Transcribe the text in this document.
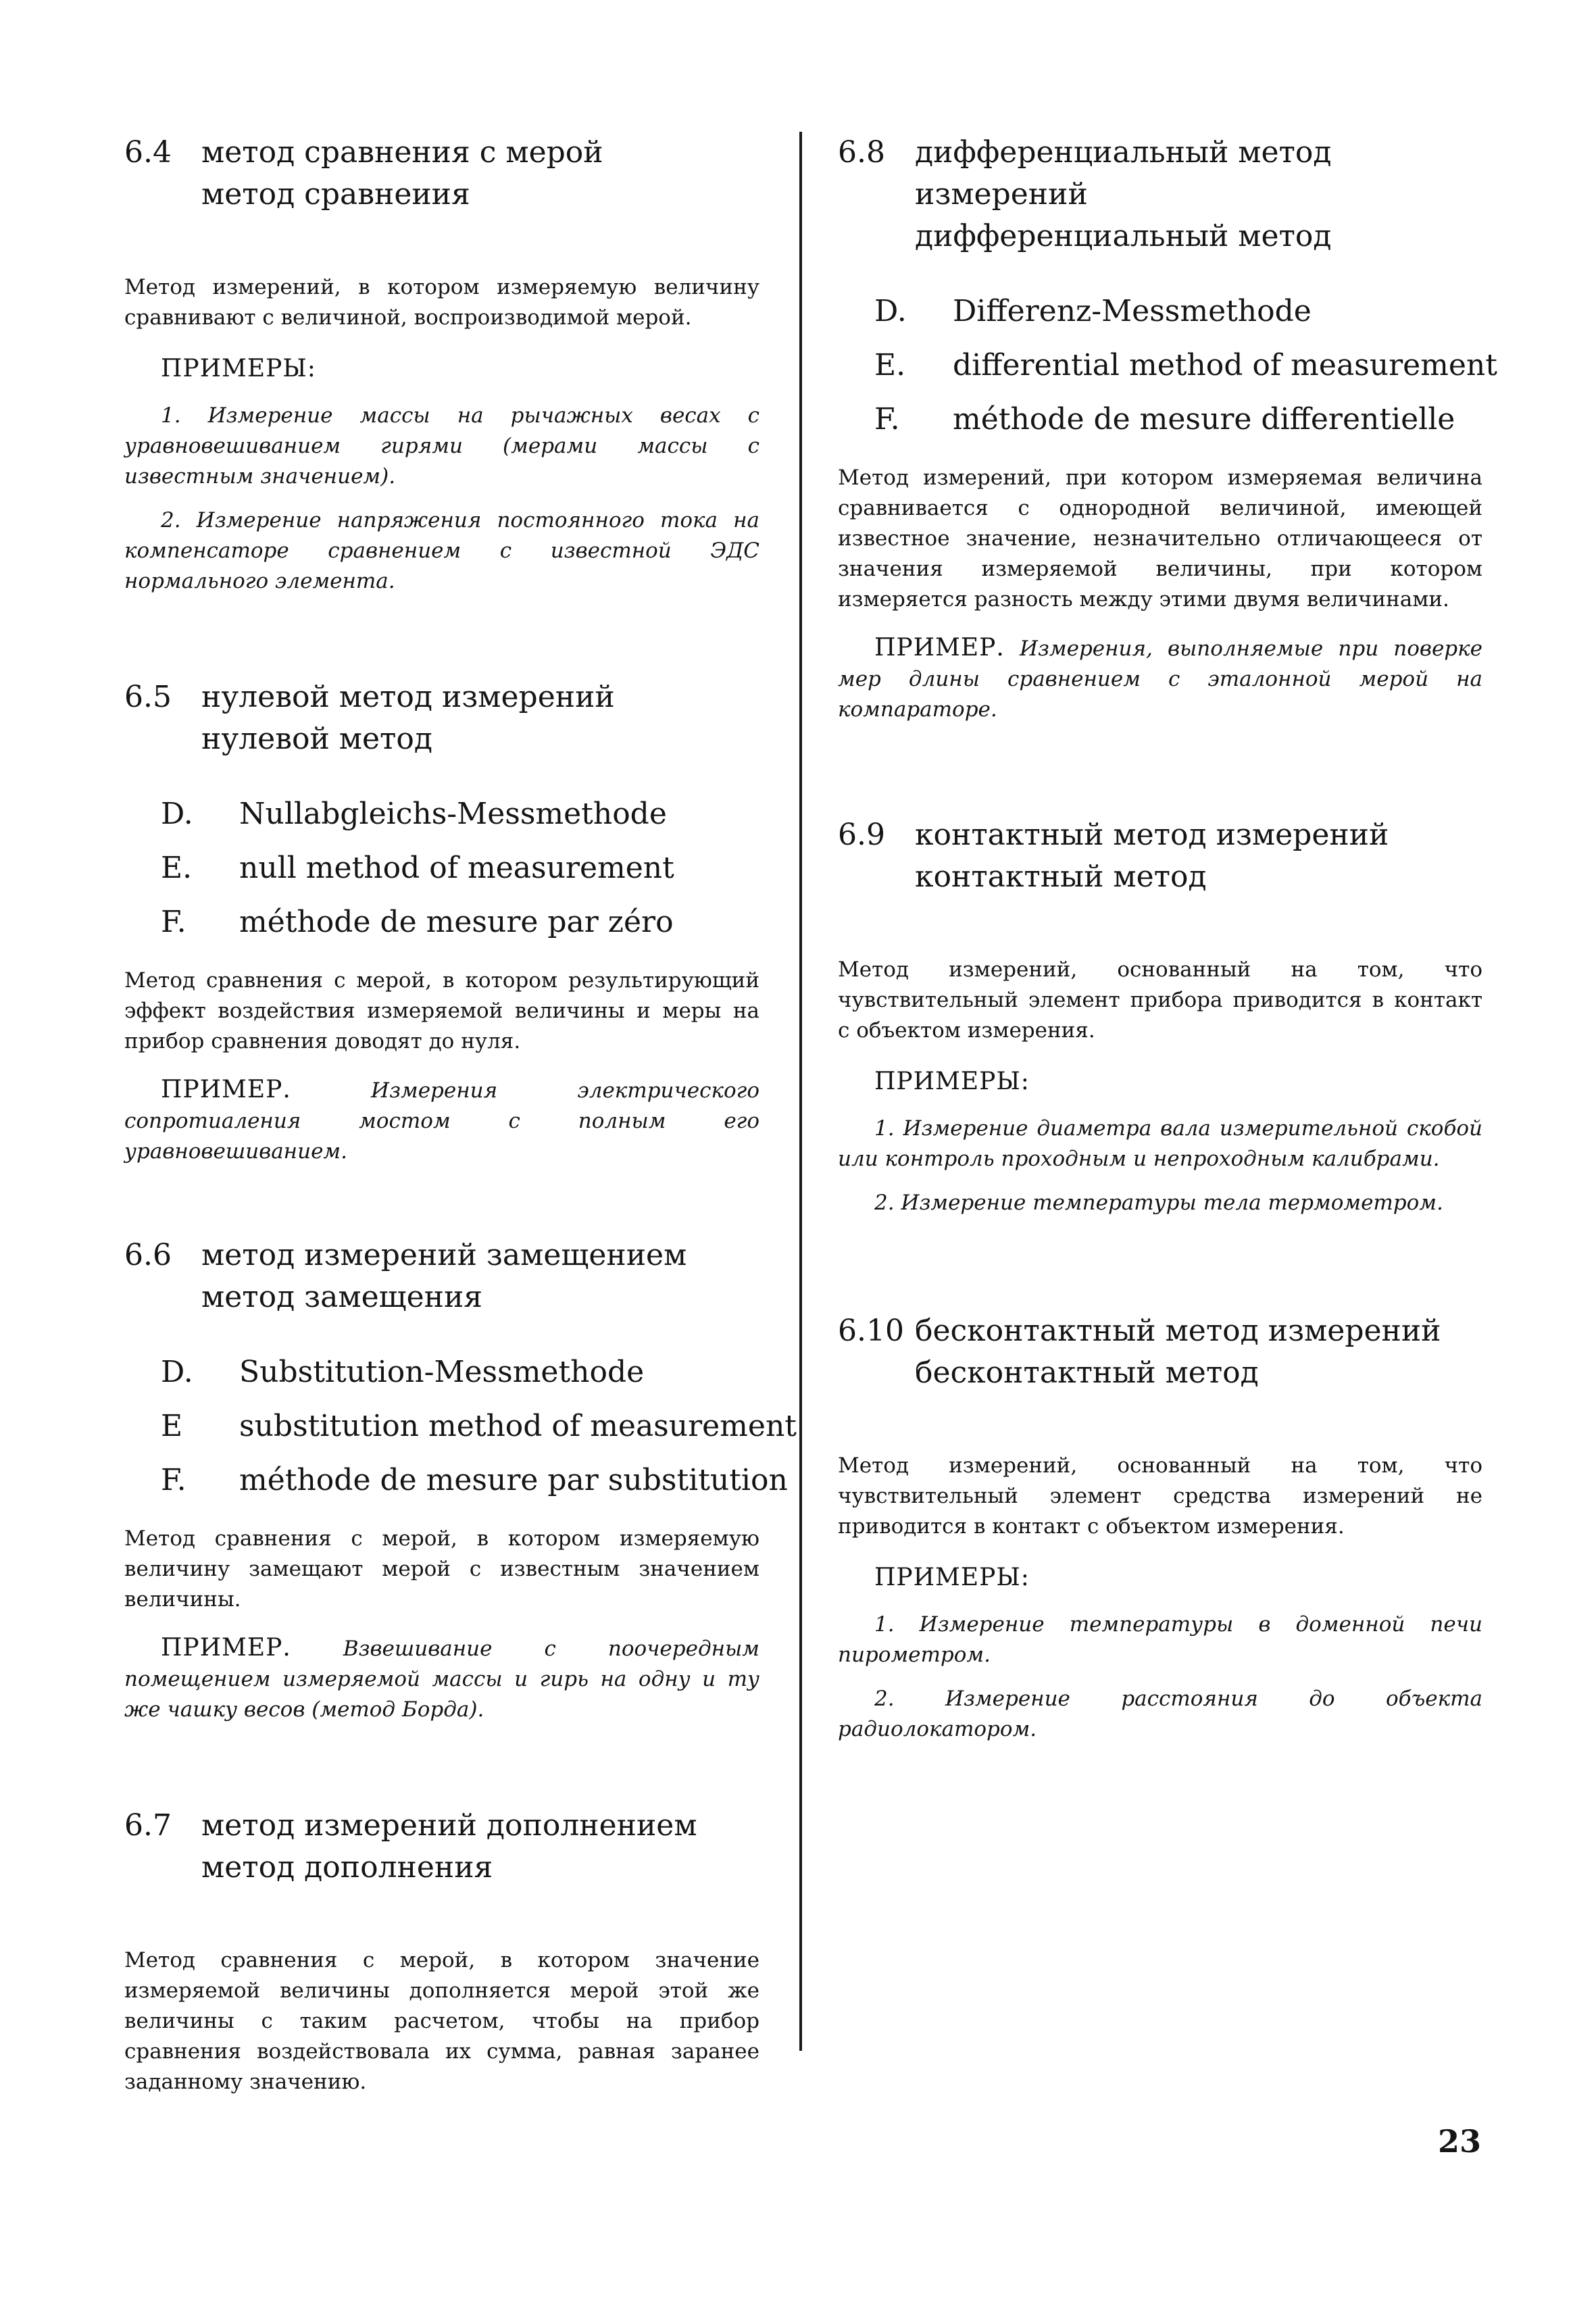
6.4	метод сравнения с мерой
метод сравнеиия
Метод измерений, в котором измеряемую величину сравнивают с величиной, воспроизводимой мерой.
ПРИМЕРЫ:
1. Измерение массы на рычажных весах с уравновешиванием гирями (мерами массы с известным значением).
2. Измерение напряжения постоянного тока на компенсаторе сравнением с известной ЭДС нормального элемента.
6.5	нулевой метод измерений
нулевой метод
D.	Nullabgleichs-Messmethode
E.	null method of measurement
F.	méthode de mesure par zéro
Метод сравнения с мерой, в котором результирующий эффект воздействия измеряемой величины и меры на прибор сравнения доводят до нуля.
ПРИМЕР.	Измерения электрического сопротиаления мостом с полным его уравновешиванием.
6.6	метод измерений замещением
метод замещения
D.	Substitution-Messmethode
E	substitution method of measurement
F.	méthode de mesure par substitution
Метод сравнения с мерой, в котором измеряемую величину замещают мерой с известным значением величины.
ПРИМЕР. Взвешивание с поочередным помещением измеряемой массы и гирь на одну и ту же чашку весов (метод Борда).
6.7	метод измерений дополнением
метод дополнения
Метод сравнения с мерой, в котором значение измеряемой величины дополняется мерой этой же величины с таким расчетом, чтобы на прибор сравнения воздействовала их сумма, равная заранее заданному значению.
6.8	дифференциальный метод
измерений
дифференциальный метод
D.	Differenz-Messmethode
E.	differential method of measurement
F.	méthode de mesure differentielle
Метод измерений, при котором измеряемая величина сравнивается с однородной величиной, имеющей известное значение, незначительно отличающееся от значения измеряемой величины, при котором измеряется разность между этими двумя величинами.
ПРИМЕР. Измерения, выполняемые при поверке мер длины сравнением с эталонной мерой на компараторе.
6.9	контактный метод измерений
контактный метод
Метод измерений, основанный на том, что чувствительный элемент прибора приводится в контакт с объектом измерения.
ПРИМЕРЫ:
1. Измерение диаметра вала измерительной скобой или контроль проходным и непроходным калибрами.
2. Измерение температуры тела термометром.
6.10 бесконтактный метод измерений
бесконтактный метод
Метод измерений, основанный на том, что чувствительный элемент средства измерений не приводится в контакт с объектом измерения.
ПРИМЕРЫ:
1. Измерение температуры в доменной печи пирометром.
2. Измерение расстояния до объекта радиолокатором.
23
